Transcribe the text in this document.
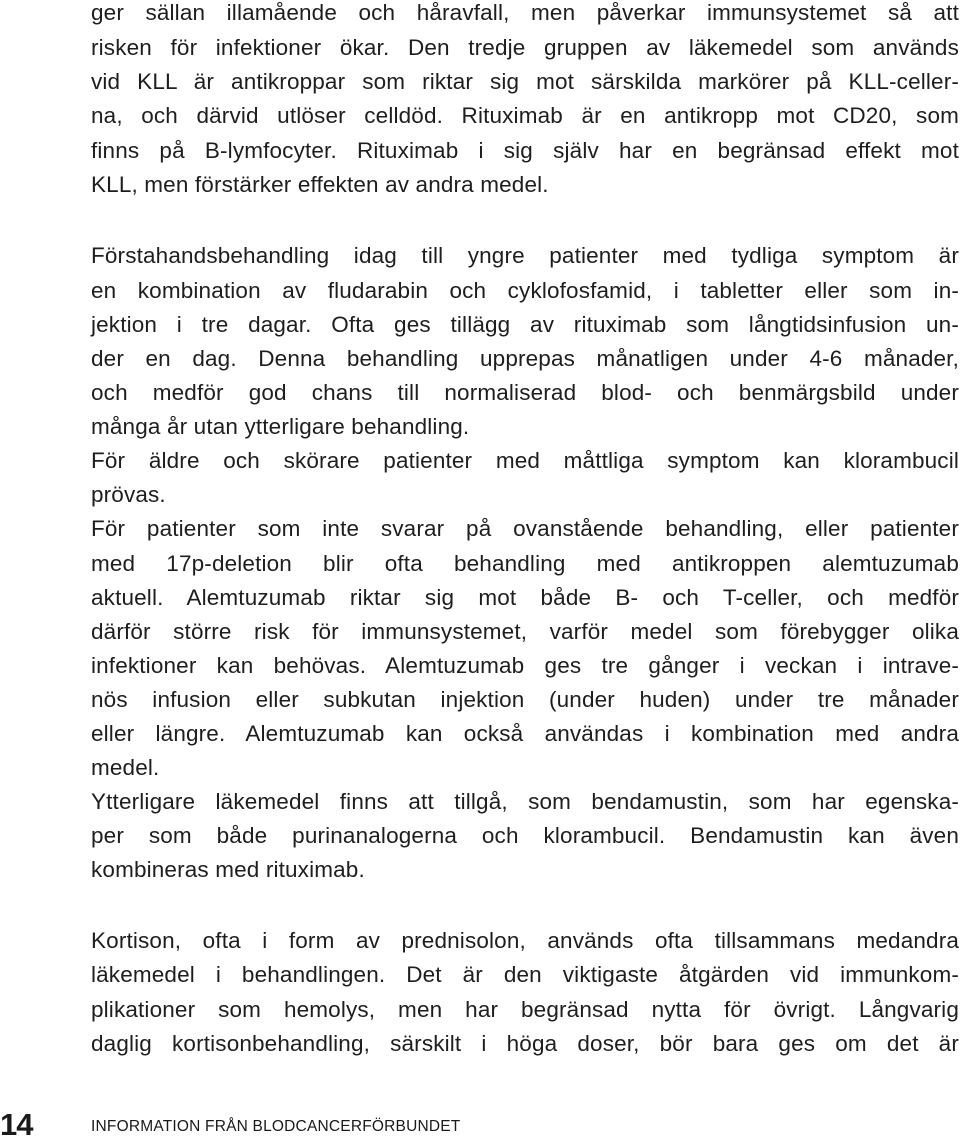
ger sällan illamående och håravfall, men påverkar immunsystemet så att
risken för infektioner ökar. Den tredje gruppen av läkemedel som används
vid KLL är antikroppar som riktar sig mot särskilda markörer på KLL-celler-
na, och därvid utlöser celldöd. Rituximab är en antikropp mot CD20, som
finns på B-lymfocyter. Rituximab i sig själv har en begränsad effekt mot
KLL, men förstärker effekten av andra medel.
Förstahandsbehandling idag till yngre patienter med tydliga symptom är
en kombination av fludarabin och cyklofosfamid, i tabletter eller som in-
jektion i tre dagar. Ofta ges tillägg av rituximab som långtidsinfusion un-
der en dag. Denna behandling upprepas månatligen under 4-6 månader,
och medför god chans till normaliserad blod- och benmärgsbild under
många år utan ytterligare behandling.
För äldre och skörare patienter med måttliga symptom kan klorambucil
prövas.
För patienter som inte svarar på ovanstående behandling, eller patienter
med 17p-deletion blir ofta behandling med antikroppen alemtuzumab
aktuell. Alemtuzumab riktar sig mot både B- och T-celler, och medför
därför större risk för immunsystemet, varför medel som förebygger olika
infektioner kan behövas. Alemtuzumab ges tre gånger i veckan i intrave-
nös infusion eller subkutan injektion (under huden) under tre månader
eller längre. Alemtuzumab kan också användas i kombination med andra
medel.
Ytterligare läkemedel finns att tillgå, som bendamustin, som har egenska-
per som både purinanalogerna och klorambucil. Bendamustin kan även
kombineras med rituximab.
Kortison, ofta i form av prednisolon, används ofta tillsammans medandra
läkemedel i behandlingen. Det är den viktigaste åtgärden vid immunkom-
plikationer som hemolys, men har begränsad nytta för övrigt. Långvarig
daglig kortisonbehandling, särskilt i höga doser, bör bara ges om det är
14	INFORMATION FRÅN BLODCANCERFÖRBUNDET
